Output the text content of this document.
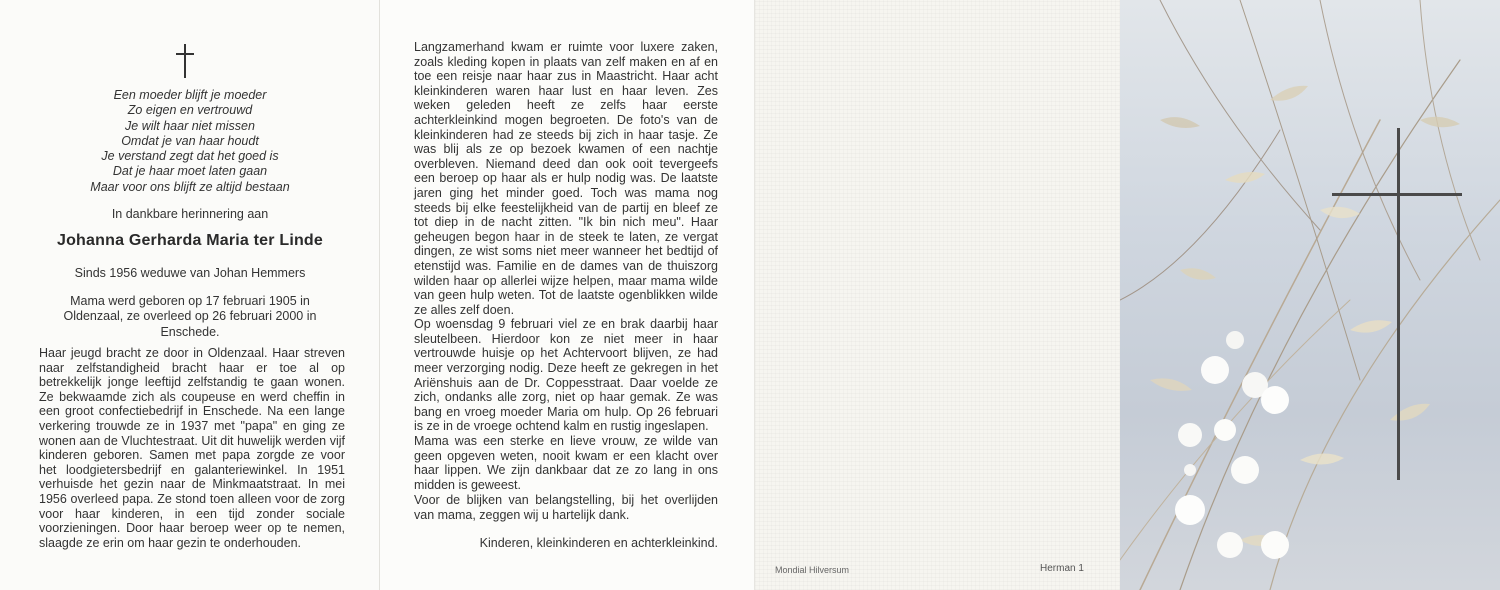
Een moeder blijft je moeder
Zo eigen en vertrouwd
Je wilt haar niet missen
Omdat je van haar houdt
Je verstand zegt dat het goed is
Dat je haar moet laten gaan
Maar voor ons blijft ze altijd bestaan
In dankbare herinnering aan
Johanna Gerharda Maria ter Linde
Sinds 1956 weduwe van Johan Hemmers
Mama werd geboren op 17 februari 1905 in Oldenzaal, ze overleed op 26 februari 2000 in Enschede.
Haar jeugd bracht ze door in Oldenzaal. Haar streven naar zelfstandigheid bracht haar er toe al op betrekkelijk jonge leeftijd zelfstandig te gaan wonen. Ze bekwaamde zich als coupeuse en werd cheffin in een groot confectiebedrijf in Enschede. Na een lange verkering trouwde ze in 1937 met "papa" en ging ze wonen aan de Vluchtestraat. Uit dit huwelijk werden vijf kinderen geboren. Samen met papa zorgde ze voor het loodgietersbedrijf en galanteriewinkel. In 1951 verhuisde het gezin naar de Minkmaatstraat. In mei 1956 overleed papa. Ze stond toen alleen voor de zorg voor haar kinderen, in een tijd zonder sociale voorzieningen. Door haar beroep weer op te nemen, slaagde ze erin om haar gezin te onderhouden.

Langzamerhand kwam er ruimte voor luxere zaken, zoals kleding kopen in plaats van zelf maken en af en toe een reisje naar haar zus in Maastricht. Haar acht kleinkinderen waren haar lust en haar leven. Zes weken geleden heeft ze zelfs haar eerste achterkleinkind mogen begroeten. De foto's van de kleinkinderen had ze steeds bij zich in haar tasje. Ze was blij als ze op bezoek kwamen of een nachtje overbleven. Niemand deed dan ook ooit tevergeefs een beroep op haar als er hulp nodig was. De laatste jaren ging het minder goed. Toch was mama nog steeds bij elke feestelijkheid van de partij en bleef ze tot diep in de nacht zitten. "Ik bin nich meu". Haar geheugen begon haar in de steek te laten, ze vergat dingen, ze wist soms niet meer wanneer het bedtijd of etenstijd was. Familie en de dames van de thuiszorg wilden haar op allerlei wijze helpen, maar mama wilde van geen hulp weten. Tot de laatste ogenblikken wilde ze alles zelf doen.

Op woensdag 9 februari viel ze en brak daarbij haar sleutelbeen. Hierdoor kon ze niet meer in haar vertrouwde huisje op het Achtervoort blijven, ze had meer verzorging nodig. Deze heeft ze gekregen in het Ariënshuis aan de Dr. Coppesstraat. Daar voelde ze zich, ondanks alle zorg, niet op haar gemak. Ze was bang en vroeg moeder Maria om hulp. Op 26 februari is ze in de vroege ochtend kalm en rustig ingeslapen.

Mama was een sterke en lieve vrouw, ze wilde van geen opgeven weten, nooit kwam er een klacht over haar lippen. We zijn dankbaar dat ze zo lang in ons midden is geweest.

Voor de blijken van belangstelling, bij het overlijden van mama, zeggen wij u hartelijk dank.
Kinderen, kleinkinderen en achterkleinkind.
Mondial Hilversum	Herman 1
